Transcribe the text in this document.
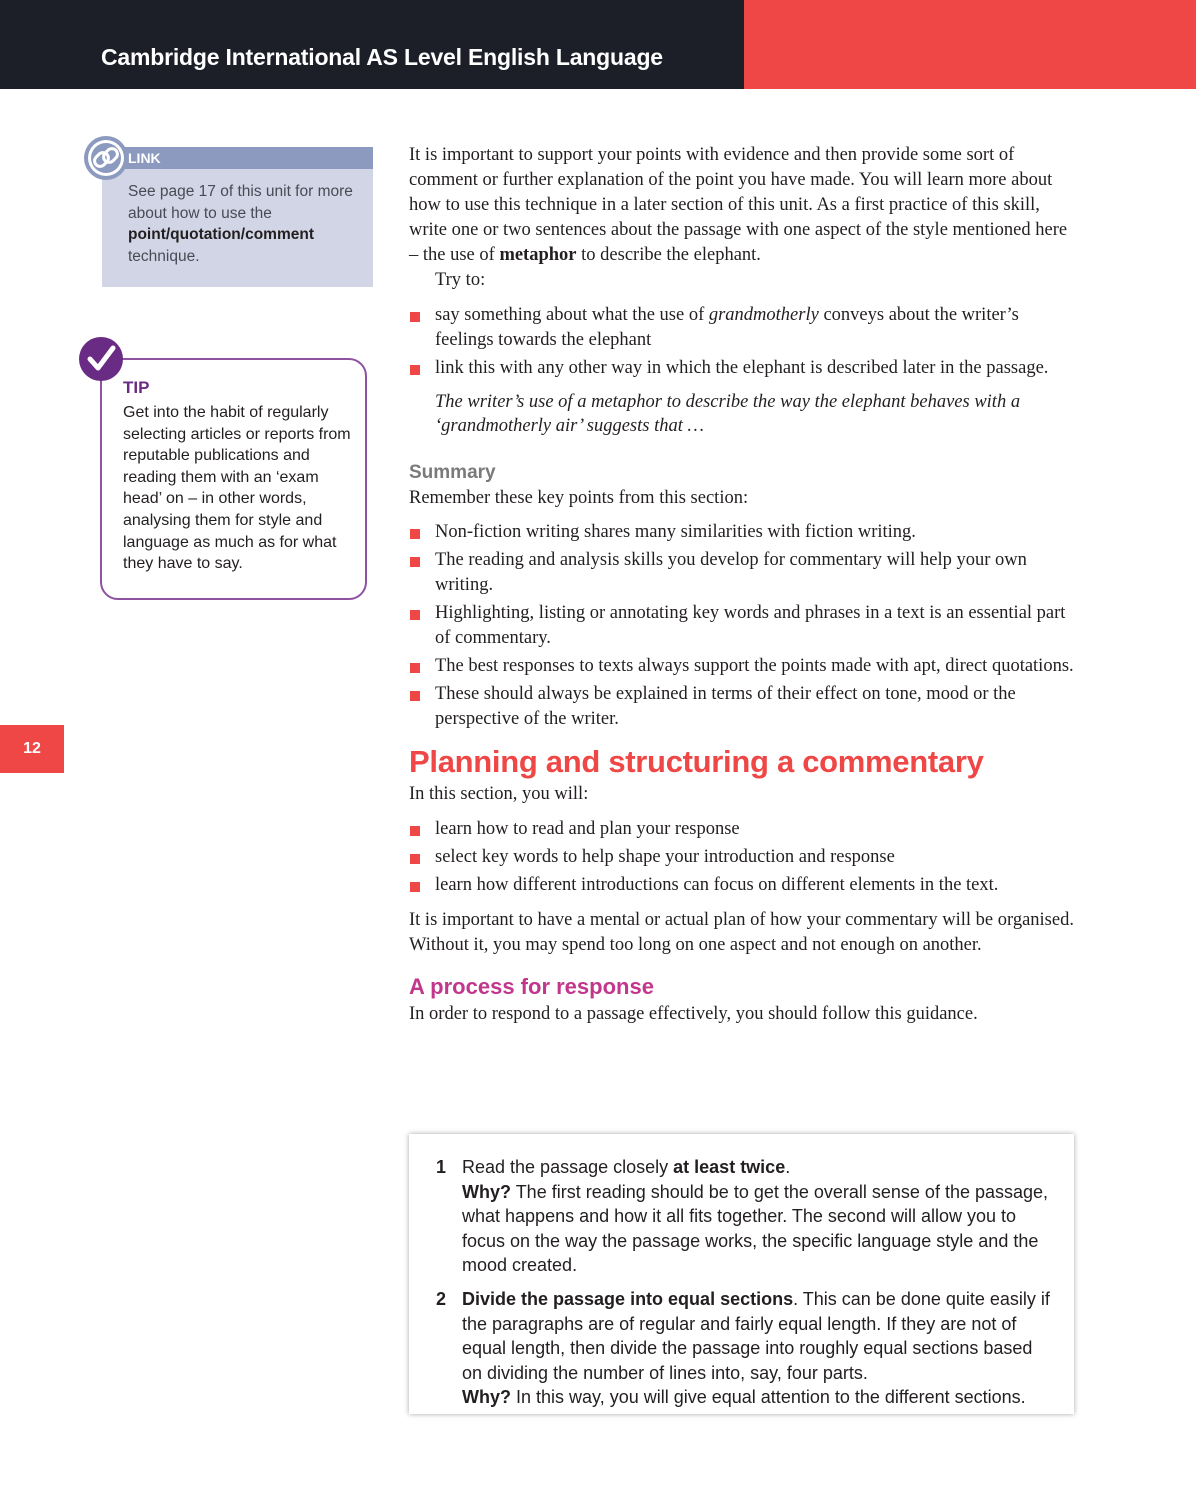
Cambridge International AS Level English Language
12
LINK
See page 17 of this unit for more about how to use the point/quotation/comment technique.
TIP
Get into the habit of regularly selecting articles or reports from reputable publications and reading them with an ‘exam head’ on – in other words, analysing them for style and language as much as for what they have to say.

It is important to support your points with evidence and then provide some sort of comment or further explanation of the point you have made. You will learn more about how to use this technique in a later section of this unit. As a first practice of this skill, write one or two sentences about the passage with one aspect of the style mentioned here – the use of metaphor to describe the elephant.

Try to:

say something about what the use of grandmotherly conveys about the writer’s feelings towards the elephant
link this with any other way in which the elephant is described later in the passage.

The writer’s use of a metaphor to describe the way the elephant behaves with a ‘grandmotherly air’ suggests that …

Summary

Remember these key points from this section:

Non-fiction writing shares many similarities with fiction writing.
The reading and analysis skills you develop for commentary will help your own writing.
Highlighting, listing or annotating key words and phrases in a text is an essential part of commentary.
The best responses to texts always support the points made with apt, direct quotations.
These should always be explained in terms of their effect on tone, mood or the perspective of the writer.
Planning and structuring a commentary

In this section, you will:

learn how to read and plan your response
select key words to help shape your introduction and response
learn how different introductions can focus on different elements in the text.

It is important to have a mental or actual plan of how your commentary will be organised. Without it, you may spend too long on one aspect and not enough on another.

A process for response

In order to respond to a passage effectively, you should follow this guidance.

1 Read the passage closely at least twice.
Why? The first reading should be to get the overall sense of the passage, what happens and how it all fits together. The second will allow you to focus on the way the passage works, the specific language style and the mood created.
2 Divide the passage into equal sections. This can be done quite easily if the paragraphs are of regular and fairly equal length. If they are not of equal length, then divide the passage into roughly equal sections based on dividing the number of lines into, say, four parts.
Why? In this way, you will give equal attention to the different sections.
